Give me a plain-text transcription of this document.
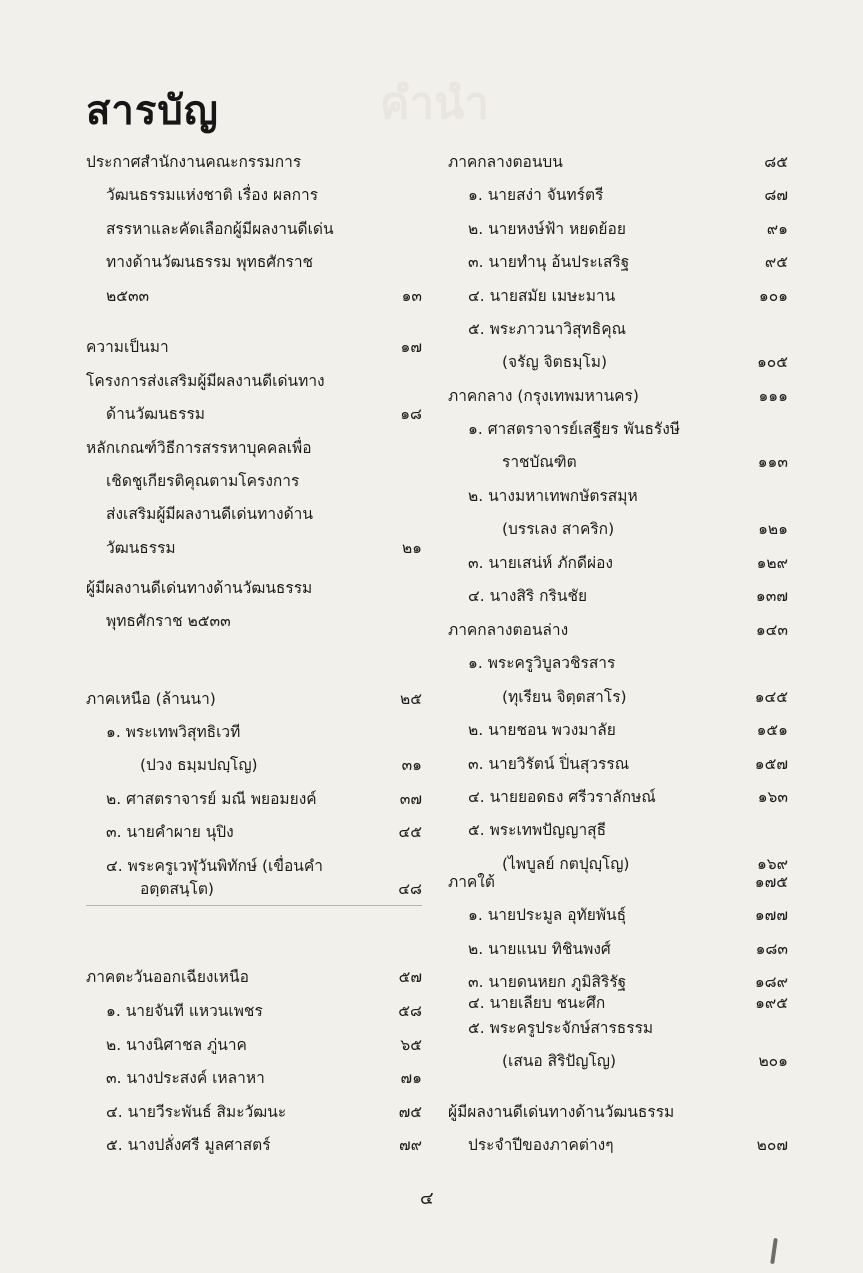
คำนำ
สารบัญ
ประกาศสำนักงานคณะกรรมการ
วัฒนธรรมแห่งชาติ เรื่อง ผลการ
สรรหาและคัดเลือกผู้มีผลงานดีเด่น
ทางด้านวัฒนธรรม พุทธศักราช
๒๕๓๓	๑๓
ความเป็นมา	๑๗
โครงการส่งเสริมผู้มีผลงานดีเด่นทาง
ด้านวัฒนธรรม	๑๘
หลักเกณฑ์วิธีการสรรหาบุคคลเพื่อ
เชิดชูเกียรติคุณตามโครงการ
ส่งเสริมผู้มีผลงานดีเด่นทางด้าน
วัฒนธรรม	๒๑
ผู้มีผลงานดีเด่นทางด้านวัฒนธรรม
พุทธศักราช ๒๕๓๓
ภาคเหนือ (ล้านนา)	๒๕
๑. พระเทพวิสุทธิเวที
(ปวง ธมฺมปญฺโญ)	๓๑
๒. ศาสตราจารย์ มณี พยอมยงค์	๓๗
๓. นายคำผาย นุปิง	๔๕
๔. พระครูเวฬุวันพิทักษ์ (เขื่อนคำ
อตฺตสนฺโต)	๔๘
ภาคตะวันออกเฉียงเหนือ	๕๗
๑. นายจันที แหวนเพชร	๕๘
๒. นางนิศาชล ภู่นาค	๖๕
๓. นางประสงค์ เหลาหา	๗๑
๔. นายวีระพันธ์ สิมะวัฒนะ	๗๕
๕. นางปลั่งศรี มูลศาสตร์	๗๙
ภาคกลางตอนบน	๘๕
๑. นายสง่า จันทร์ตรี	๘๗
๒. นายหงษ์ฟ้า หยดย้อย	๙๑
๓. นายทำนุ อ้นประเสริฐ	๙๕
๔. นายสมัย เมษะมาน	๑๐๑
๕. พระภาวนาวิสุทธิคุณ
(จรัญ จิตธมฺโม)	๑๐๕
ภาคกลาง (กรุงเทพมหานคร)	๑๑๑
๑. ศาสตราจารย์เสฐียร พันธรังษี
ราชบัณฑิต	๑๑๓
๒. นางมหาเทพกษัตรสมุห
(บรรเลง สาคริก)	๑๒๑
๓. นายเสน่ห์ ภักดีผ่อง	๑๒๙
๔. นางสิริ กรินชัย	๑๓๗
ภาคกลางตอนล่าง	๑๔๓
๑. พระครูวิบูลวชิรสาร
(ทุเรียน จิตฺตสาโร)	๑๔๕
๒. นายชอน พวงมาลัย	๑๕๑
๓. นายวิรัตน์ ปิ่นสุวรรณ	๑๕๗
๔. นายยอดธง ศรีวราลักษณ์	๑๖๓
๕. พระเทพปัญญาสุธี
(ไพบูลย์ กตปุญฺโญ)	๑๖๙
ภาคใต้	๑๗๕
๑. นายประมูล อุทัยพันธุ์	๑๗๗
๒. นายแนบ ทิชินพงศ์	๑๘๓
๓. นายดนหยก ภูมิสิริรัฐ	๑๘๙
๔. นายเลียบ ชนะศึก	๑๙๕
๕. พระครูประจักษ์สารธรรม
(เสนอ สิริปัญโญ)	๒๐๑
ผู้มีผลงานดีเด่นทางด้านวัฒนธรรม
ประจำปีของภาคต่างๆ	๒๐๗
๔
